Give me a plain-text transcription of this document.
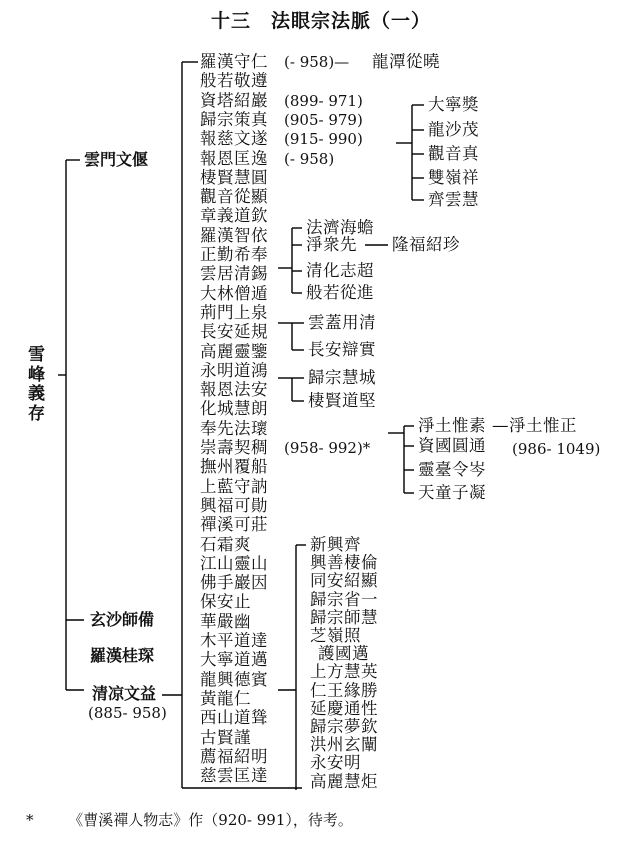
十三　法眼宗法脈（一）
雪峰義存
雲門文偃
玄沙師備
羅漢桂琛
清凉文益
(885- 958)
羅漢守仁 (- 958)— 龍潭從曉
般若敬遵
資塔紹巖 (899- 971)
歸宗策真 (905- 979)
報慈文遂 (915- 990)
報恩匡逸 (- 958)
棲賢慧圓
觀音從顯
章義道欽
羅漢智依
正勤希奉
雲居清錫
大林僧遁
荊門上泉
長安延規
高麗靈鑒
永明道鴻
報恩法安
化城慧朗
奉先法瓌
崇壽契稠 (958- 992)*
撫州覆船
上藍守訥
興福可勛
禪溪可莊
石霜爽
江山靈山
佛手巖因
保安止
華嚴幽
木平道達
大寧道邁
龍興德賓
黃龍仁
西山道聳
古賢謹
薦福紹明
慈雲匡達
大寧獎
龍沙茂
觀音真
雙嶺祥
齊雲慧
法濟海蟾
淨衆先 隆福紹珍
清化志超
般若從進
雲蓋用清
長安辯實
歸宗慧城
棲賢道堅
淨土惟素 —淨土惟正
資國圓通 (986- 1049)
靈臺令岑
天童子凝
新興齊
興善棲倫
同安紹顯
歸宗省一
歸宗師慧
芝嶺照
護國邁
上方慧英
仁王緣勝
延慶通性
歸宗夢欽
洪州玄闡
永安明
高麗慧炬
* 《曹溪禪人物志》作（920- 991），待考。
